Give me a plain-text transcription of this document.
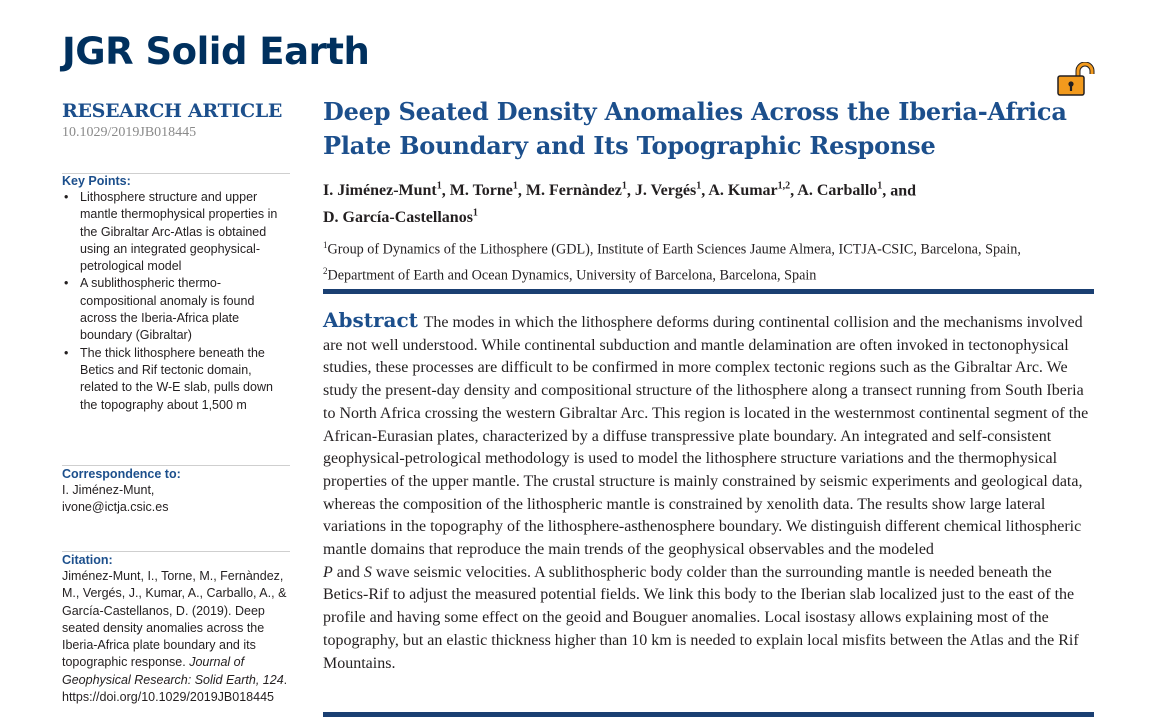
JGR Solid Earth
RESEARCH ARTICLE
10.1029/2019JB018445
Key Points:
• Lithosphere structure and upper mantle thermophysical properties in the Gibraltar Arc-Atlas is obtained using an integrated geophysical-petrological model
• A sublithospheric thermo-compositional anomaly is found across the Iberia-Africa plate boundary (Gibraltar)
• The thick lithosphere beneath the Betics and Rif tectonic domain, related to the W-E slab, pulls down the topography about 1,500 m
Correspondence to:

I. Jiménez-Munt,

ivone@ictja.csic.es

Citation:

Jiménez-Munt, I., Torne, M., Fernàndez, M., Vergés, J., Kumar, A., Carballo, A., & García-Castellanos, D. (2019). Deep seated density anomalies across the Iberia-Africa plate boundary and its topographic response. Journal of Geophysical Research: Solid Earth, 124. https://doi.org/10.1029/2019JB018445

Deep Seated Density Anomalies Across the Iberia-Africa Plate Boundary and Its Topographic Response

I. Jiménez-Munt$^1$, M. Torne$^1$, M. Fernàndez$^1$, J. Vergés$^1$, A. Kumar$^{1,2}$, A. Carballo$^1$, and
D. García-Castellanos$^1$

$^1$Group of Dynamics of the Lithosphere (GDL), Institute of Earth Sciences Jaume Almera, ICTJA-CSIC, Barcelona, Spain,
$^2$Department of Earth and Ocean Dynamics, University of Barcelona, Barcelona, Spain

Abstract The modes in which the lithosphere deforms during continental collision and the mechanisms involved are not well understood. While continental subduction and mantle delamination are often invoked in tectonophysical studies, these processes are difficult to be confirmed in more complex tectonic regions such as the Gibraltar Arc. We study the present-day density and compositional structure of the lithosphere along a transect running from South Iberia to North Africa crossing the western Gibraltar Arc. This region is located in the westernmost continental segment of the African-Eurasian plates, characterized by a diffuse transpressive plate boundary. An integrated and self-consistent geophysical-petrological methodology is used to model the lithosphere structure variations and the thermophysical properties of the upper mantle. The crustal structure is mainly constrained by seismic experiments and geological data, whereas the composition of the lithospheric mantle is constrained by xenolith data. The results show large lateral variations in the topography of the lithosphere-asthenosphere boundary. We distinguish different chemical lithospheric mantle domains that reproduce the main trends of the geophysical observables and the modeled
P and S wave seismic velocities. A sublithospheric body colder than the surrounding mantle is needed beneath the Betics-Rif to adjust the measured potential fields. We link this body to the Iberian slab localized just to the east of the profile and having some effect on the geoid and Bouguer anomalies. Local isostasy allows explaining most of the topography, but an elastic thickness higher than 10 km is needed to explain local misfits between the Atlas and the Rif Mountains.
